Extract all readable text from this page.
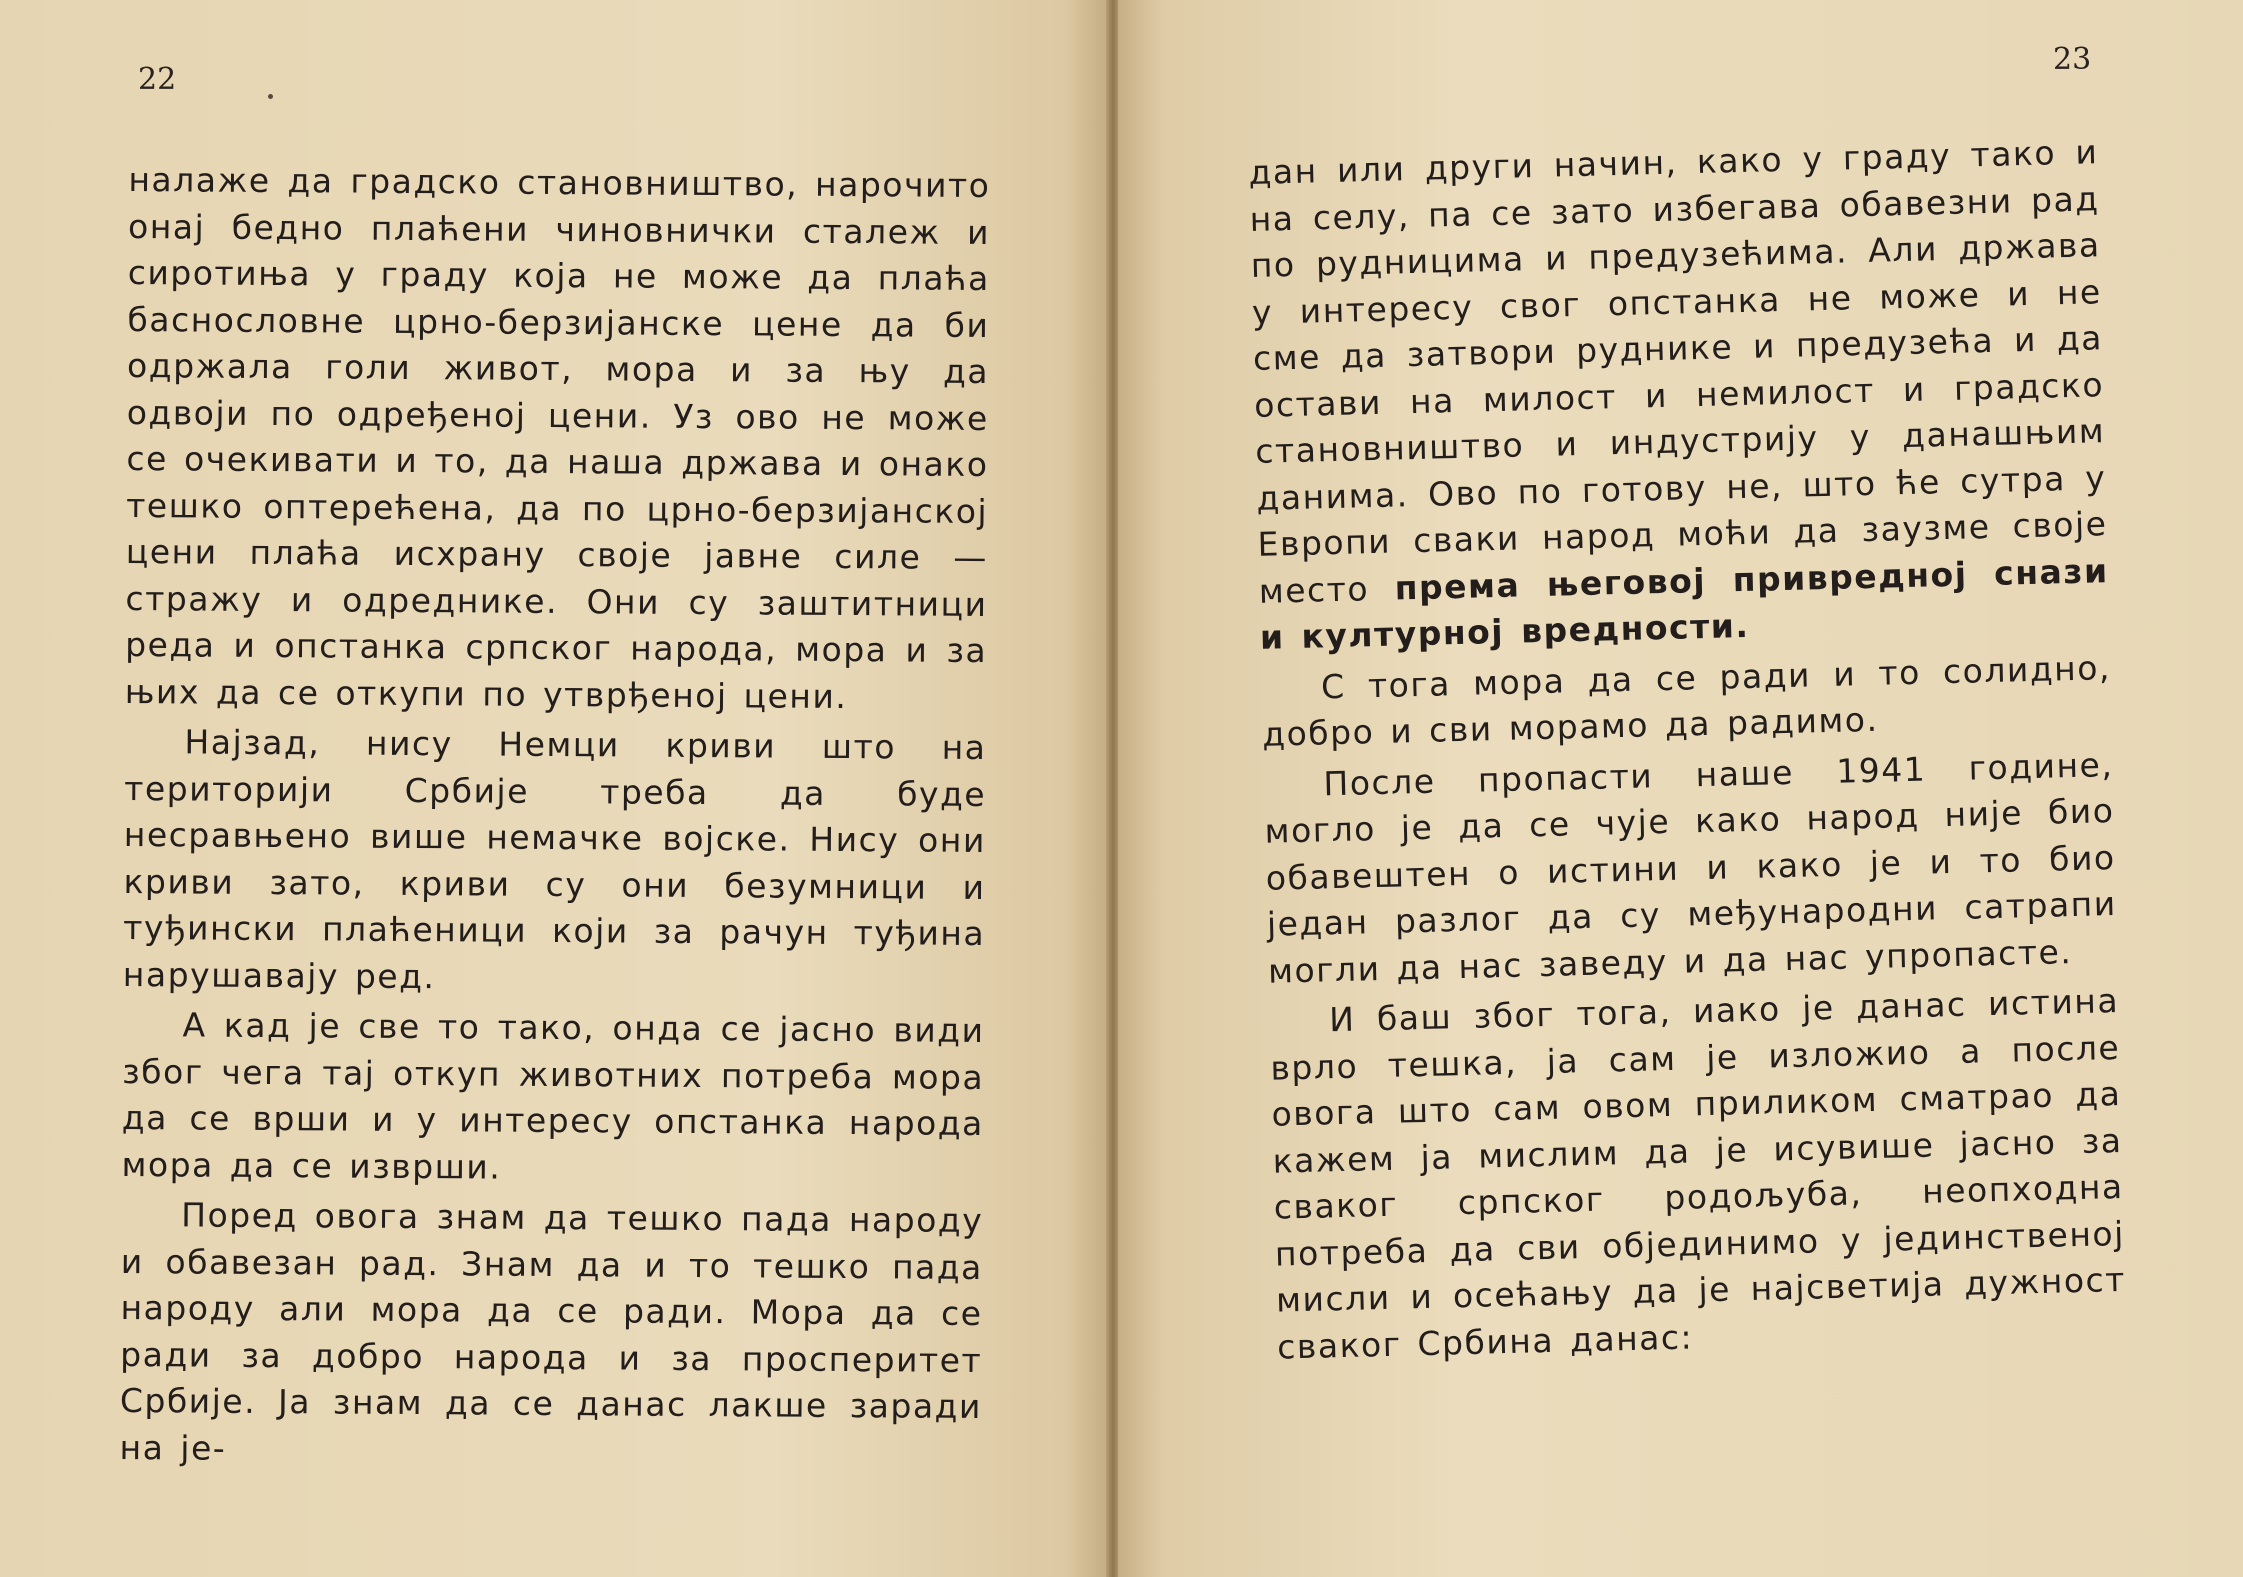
22

налаже да градско становништво, нарочито онај бедно плаћени чиновнички сталеж и сиротиња у граду која не може да плаћа баснословне црно-берзијанске цене да би одржала голи живот, мора и за њу да одвоји по одређеној цени. Уз ово не може се очекивати и то, да наша држава и онако тешко оптерећена, да по црно-берзијанској цени плаћа исхрану своје јавне силе — стражу и одреднике. Они су заштитници реда и опстанка српског народа, мора и за њих да се откупи по утврђеној цени.

Најзад, нису Немци криви што на територији Србије треба да буде несравњено више немачке војске. Нису они криви зато, криви су они безумници и туђински плаћеници који за рачун туђина нарушавају ред.

А кад је све то тако, онда се јасно види због чега тај откуп животних потреба мора да се врши и у интересу опстанка народа мора да се изврши.

Поред овога знам да тешко пада народу и обавезан рад. Знам да и то тешко пада народу али мора да се ради. Мора да се ради за добро народа и за просперитет Србије. Ја знам да се данас лакше заради на је-

23

дан или други начин, како у граду тако и на селу, па се зато избегава обавезни рад по рудницима и предузећима. Али држава у интересу свог опстанка не може и не сме да затвори руднике и предузећа и да остави на милост и немилост и градско становништво и индустрију у данашњим данима. Ово по готову не, што ће сутра у Европи сваки народ моћи да заузме своје место према његовој привредној снази и културној вредности.

С тога мора да се ради и то солидно, добро и сви морамо да радимо.

После пропасти наше 1941 године, могло је да се чује како народ није био обавештен о истини и како је и то био један разлог да су међународни сатрапи могли да нас заведу и да нас упропасте.

И баш због тога, иако је данас истина врло тешка, ја сам је изложио а после овога што сам овом приликом сматрао да кажем ја мислим да је исувише јасно за сваког српског родољуба, неопходна потреба да сви објединимо у јединственој мисли и осећању да је најсветија дужност сваког Србина данас:
